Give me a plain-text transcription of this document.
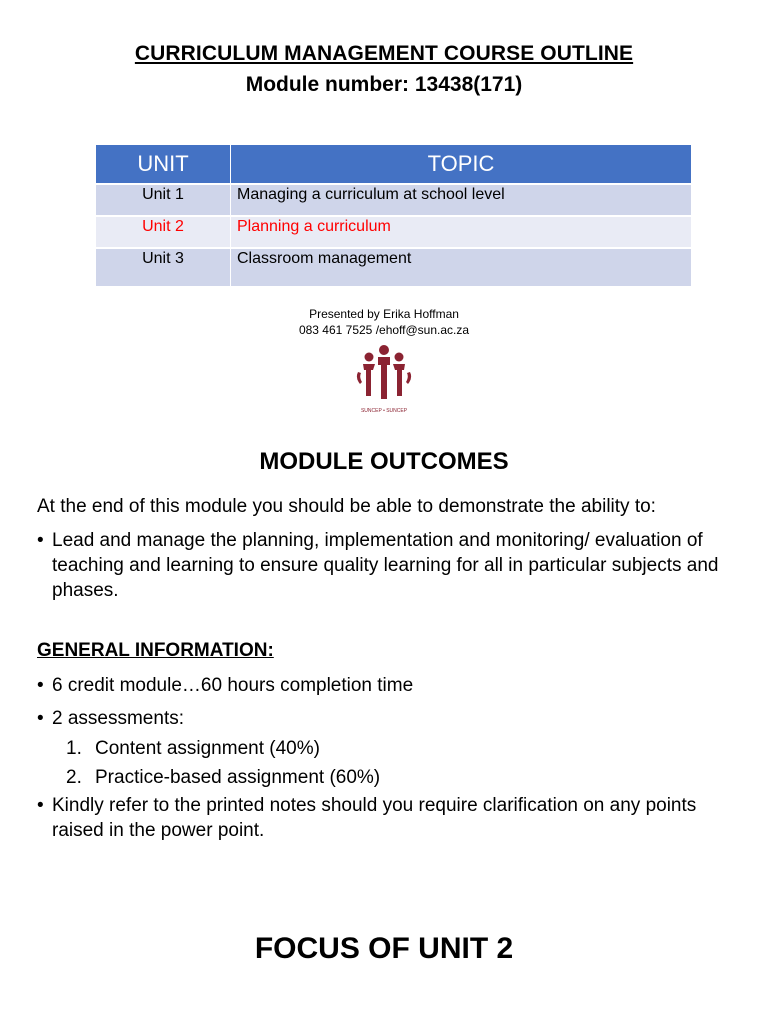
CURRICULUM MANAGEMENT COURSE OUTLINE
Module number: 13438(171)
UNIT	TOPIC
Unit 1	Managing a curriculum at school level
Unit 2	Planning a curriculum
Unit 3	Classroom management
Presented by Erika Hoffman
083 461 7525 /ehoff@sun.ac.za
SUNCEP • SUNCEP
MODULE OUTCOMES

At the end of this module you should be able to demonstrate the ability to:

• Lead and manage the planning, implementation and monitoring/ evaluation of teaching and learning to ensure quality learning for all in particular subjects and phases.
GENERAL INFORMATION:
• 6 credit module…60 hours completion time
• 2 assessments:
1. Content assignment (40%)
2. Practice-based assignment (60%)
• Kindly refer to the printed notes should you require clarification on any points raised in the power point.
FOCUS OF UNIT 2
